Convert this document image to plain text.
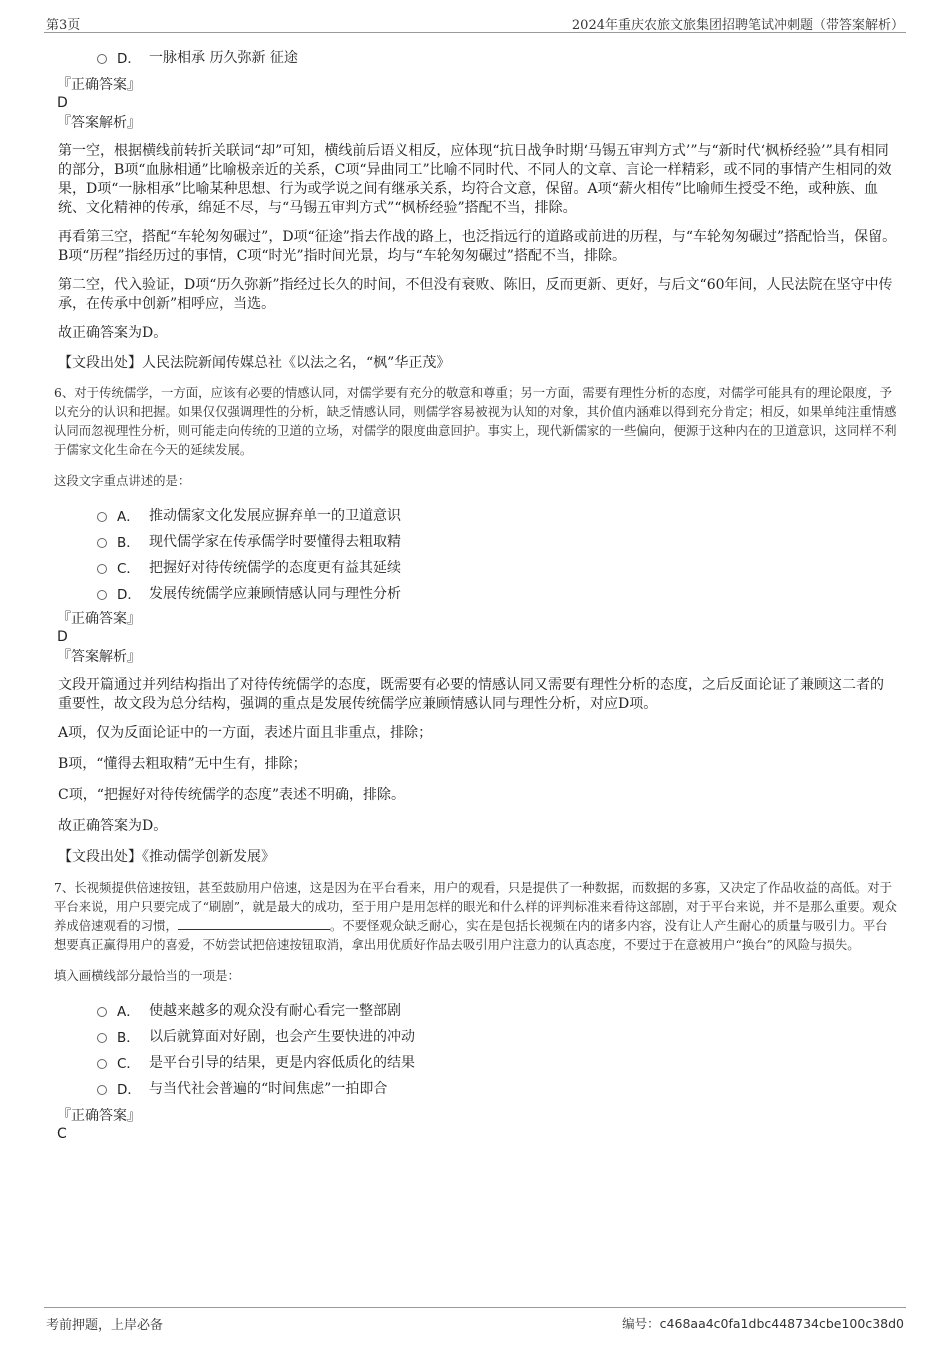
第3页	2024年重庆农旅文旅集团招聘笔试冲刺题（带答案解析）
D． 一脉相承 历久弥新 征途
『正确答案』
D
『答案解析』

第一空，根据横线前转折关联词“却”可知，横线前后语义相反，应体现“抗日战争时期‘马锡五审判方式’”与“新时代‘枫桥经验’”具有相同的部分，B项“血脉相通”比喻极亲近的关系，C项“异曲同工”比喻不同时代、不同人的文章、言论一样精彩，或不同的事情产生相同的效果，D项“一脉相承”比喻某种思想、行为或学说之间有继承关系，均符合文意，保留。A项“薪火相传”比喻师生授受不绝，或种族、血统、文化精神的传承，绵延不尽，与“马锡五审判方式”“枫桥经验”搭配不当，排除。

再看第三空，搭配“车轮匆匆碾过”，D项“征途”指去作战的路上，也泛指远行的道路或前进的历程，与“车轮匆匆碾过”搭配恰当，保留。B项“历程”指经历过的事情，C项“时光”指时间光景，均与“车轮匆匆碾过”搭配不当，排除。

第二空，代入验证，D项“历久弥新”指经过长久的时间，不但没有衰败、陈旧，反而更新、更好，与后文“60年间，人民法院在坚守中传承，在传承中创新”相呼应，当选。

故正确答案为D。

【文段出处】人民法院新闻传媒总社《以法之名，“枫”华正茂》

6、对于传统儒学，一方面，应该有必要的情感认同，对儒学要有充分的敬意和尊重；另一方面，需要有理性分析的态度，对儒学可能具有的理论限度，予以充分的认识和把握。如果仅仅强调理性的分析，缺乏情感认同，则儒学容易被视为认知的对象，其价值内涵难以得到充分肯定；相反，如果单纯注重情感认同而忽视理性分析，则可能走向传统的卫道的立场，对儒学的限度曲意回护。事实上，现代新儒家的一些偏向，便源于这种内在的卫道意识，这同样不利于儒家文化生命在今天的延续发展。

这段文字重点讲述的是：

A． 推动儒家文化发展应摒弃单一的卫道意识
B． 现代儒学家在传承儒学时要懂得去粗取精
C． 把握好对待传统儒学的态度更有益其延续
D． 发展传统儒学应兼顾情感认同与理性分析
『正确答案』
D
『答案解析』

文段开篇通过并列结构指出了对待传统儒学的态度，既需要有必要的情感认同又需要有理性分析的态度，之后反面论证了兼顾这二者的重要性，故文段为总分结构，强调的重点是发展传统儒学应兼顾情感认同与理性分析，对应D项。

A项，仅为反面论证中的一方面，表述片面且非重点，排除；

B项，“懂得去粗取精”无中生有，排除；

C项，“把握好对待传统儒学的态度”表述不明确，排除。

故正确答案为D。

【文段出处】《推动儒学创新发展》

7、长视频提供倍速按钮，甚至鼓励用户倍速，这是因为在平台看来，用户的观看，只是提供了一种数据，而数据的多寡，又决定了作品收益的高低。对于平台来说，用户只要完成了“刷剧”，就是最大的成功，至于用户是用怎样的眼光和什么样的评判标准来看待这部剧，对于平台来说，并不是那么重要。观众养成倍速观看的习惯，	。不要怪观众缺乏耐心，实在是包括长视频在内的诸多内容，没有让人产生耐心的质量与吸引力。平台想要真正赢得用户的喜爱，不妨尝试把倍速按钮取消，拿出用优质好作品去吸引用户注意力的认真态度，不要过于在意被用户“换台”的风险与损失。

填入画横线部分最恰当的一项是：

A． 使越来越多的观众没有耐心看完一整部剧
B． 以后就算面对好剧，也会产生要快进的冲动
C． 是平台引导的结果，更是内容低质化的结果
D． 与当代社会普遍的“时间焦虑”一拍即合
『正确答案』
C
考前押题，上岸必备	编号：c468aa4c0fa1dbc448734cbe100c38d0
